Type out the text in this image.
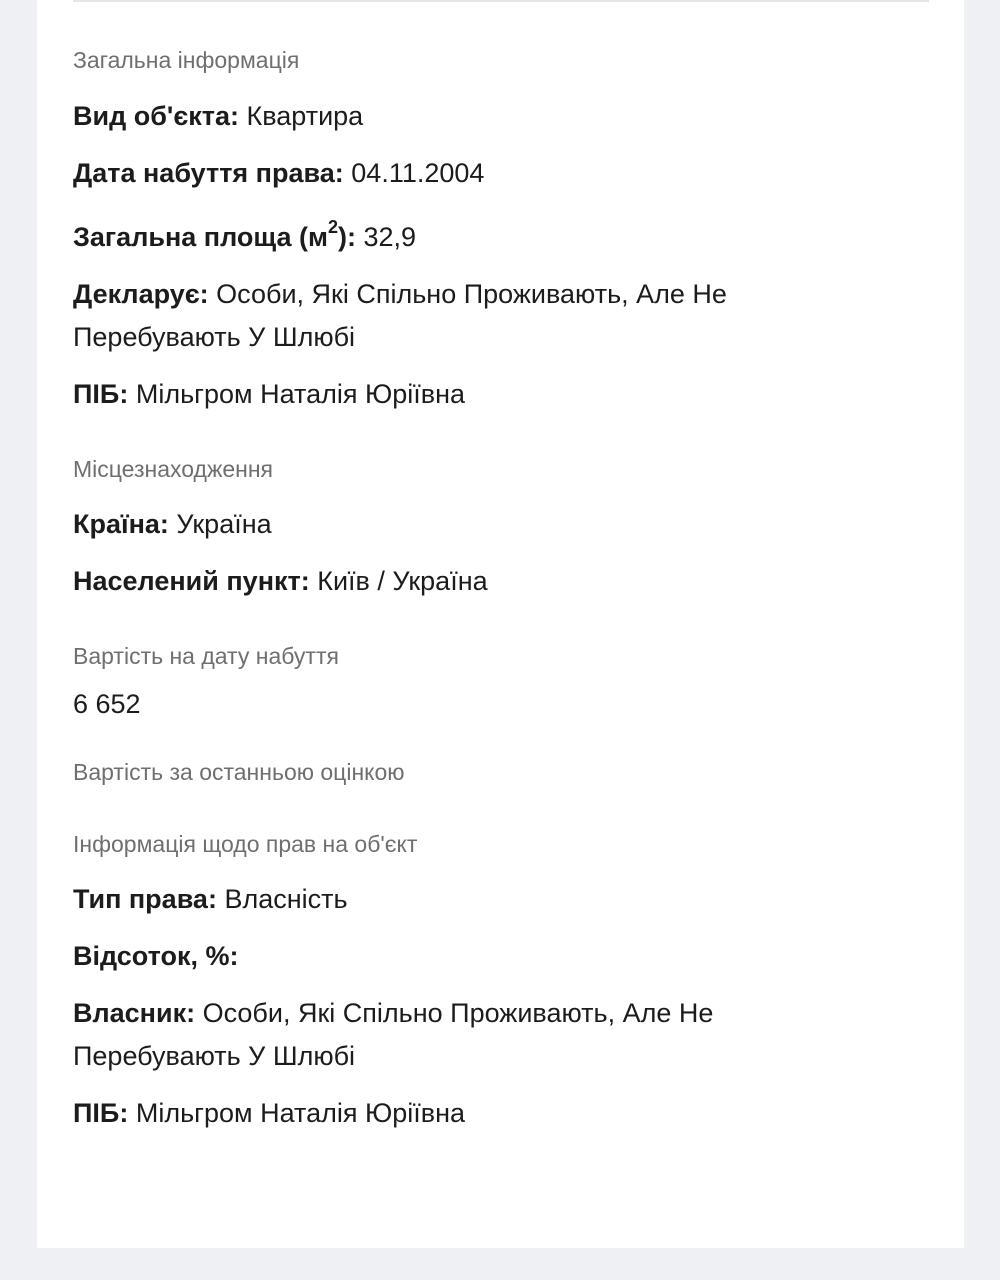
Загальна інформація
Вид об'єкта: Квартира
Дата набуття права: 04.11.2004
Загальна площа $(м^2)$: 32,9
Декларує: Особи, Які Спільно Проживають, Але Не Перебувають У Шлюбі
ПІБ: Мільгром Наталія Юріївна
Місцезнаходження
Країна: Україна
Населений пункт: Київ / Україна
Вартість на дату набуття
6 652
Вартість за останньою оцінкою
Інформація щодо прав на об'єкт
Тип права: Власність
Відсоток, %:
Власник: Особи, Які Спільно Проживають, Але Не Перебувають У Шлюбі
ПІБ: Мільгром Наталія Юріївна
